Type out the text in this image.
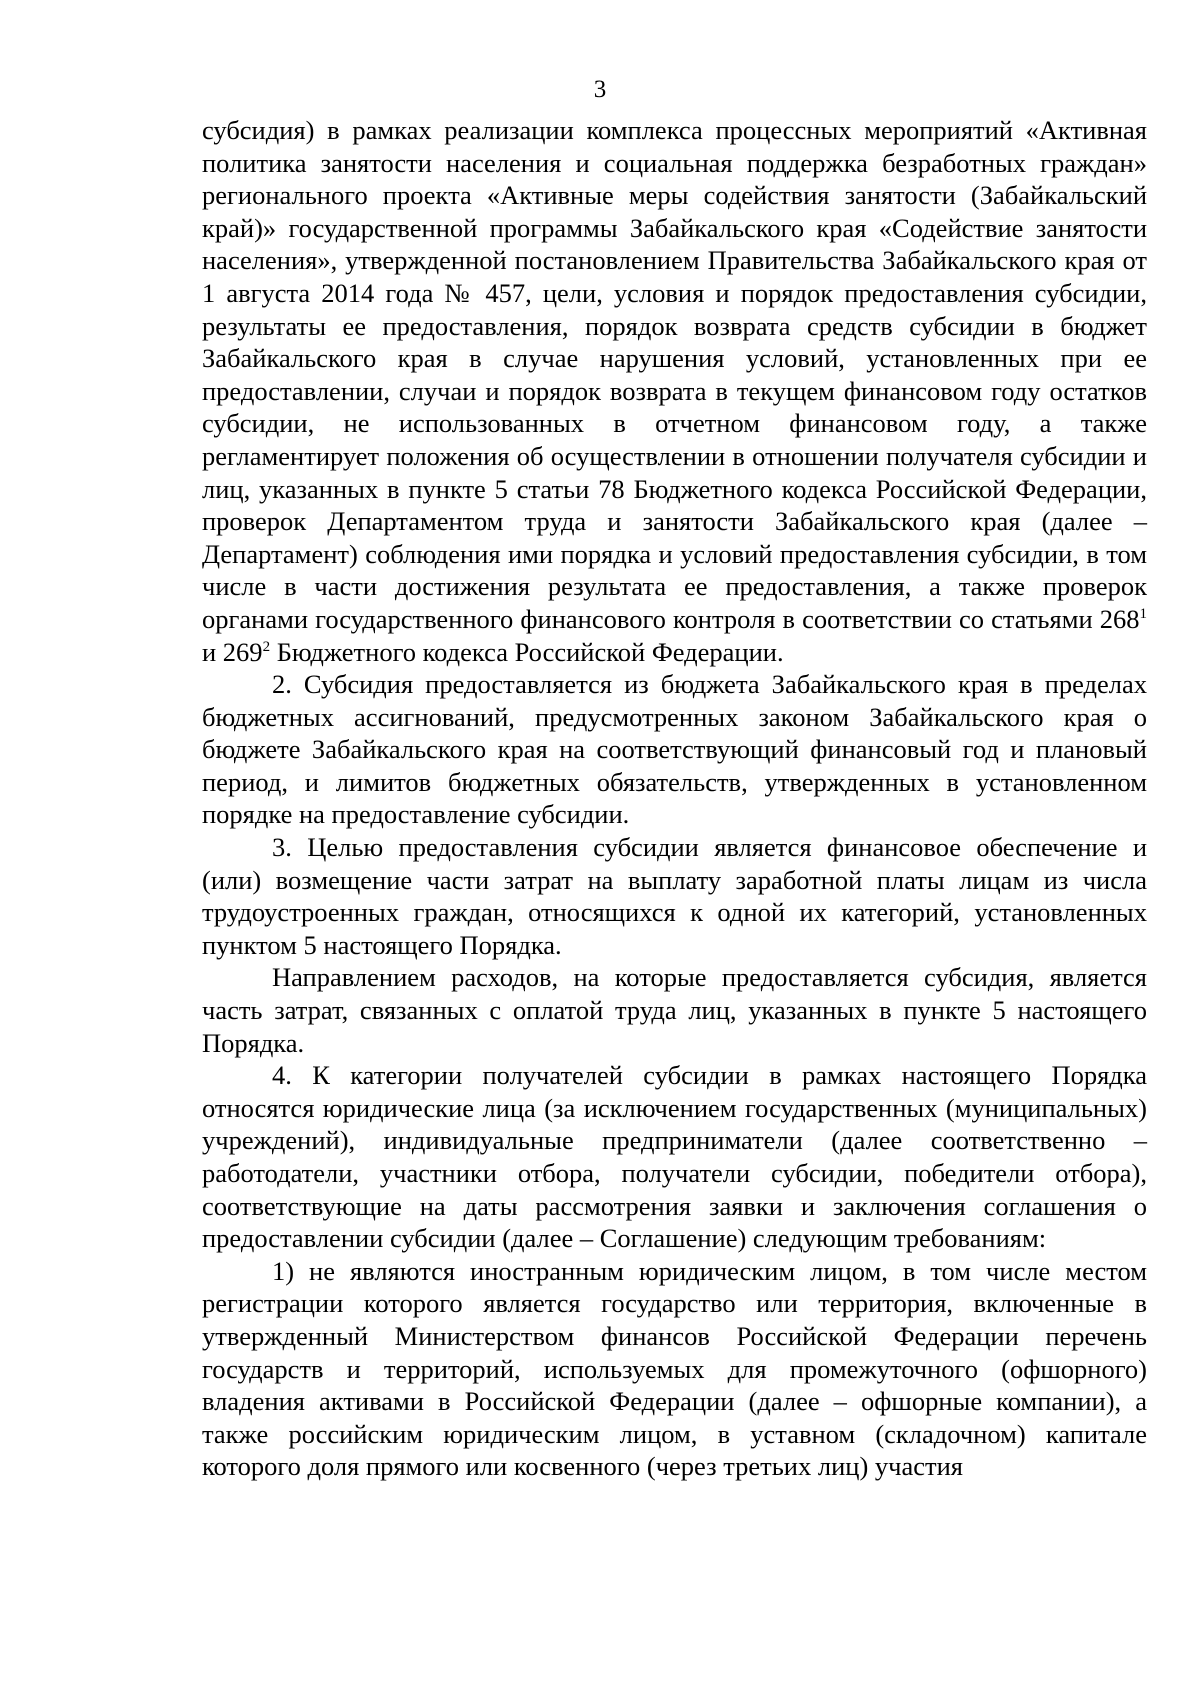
3

субсидия) в рамках реализации комплекса процессных мероприятий «Активная политика занятости населения и социальная поддержка безработных граждан» регионального проекта «Активные меры содействия занятости (Забайкальский край)» государственной программы Забайкальского края «Содействие занятости населения», утвержденной постановлением Правительства Забайкальского края от 1 августа 2014 года № 457, цели, условия и порядок предоставления субсидии, результаты ее предоставления, порядок возврата средств субсидии в бюджет Забайкальского края в случае нарушения условий, установленных при ее предоставлении, случаи и порядок возврата в текущем финансовом году остатков субсидии, не использованных в отчетном финансовом году, а также регламентирует положения об осуществлении в отношении получателя субсидии и лиц, указанных в пункте 5 статьи 78 Бюджетного кодекса Российской Федерации, проверок Департаментом труда и занятости Забайкальского края (далее – Департамент) соблюдения ими порядка и условий предоставления субсидии, в том числе в части достижения результата ее предоставления, а также проверок органами государственного финансового контроля в соответствии со статьями $268^1$ и $269^2$ Бюджетного кодекса Российской Федерации.

2. Субсидия предоставляется из бюджета Забайкальского края в пределах бюджетных ассигнований, предусмотренных законом Забайкальского края о бюджете Забайкальского края на соответствующий финансовый год и плановый период, и лимитов бюджетных обязательств, утвержденных в установленном порядке на предоставление субсидии.

3. Целью предоставления субсидии является финансовое обеспечение и (или) возмещение части затрат на выплату заработной платы лицам из числа трудоустроенных граждан, относящихся к одной их категорий, установленных пунктом 5 настоящего Порядка.

Направлением расходов, на которые предоставляется субсидия, является часть затрат, связанных с оплатой труда лиц, указанных в пункте 5 настоящего Порядка.

4. К категории получателей субсидии в рамках настоящего Порядка относятся юридические лица (за исключением государственных (муниципальных) учреждений), индивидуальные предприниматели (далее соответственно – работодатели, участники отбора, получатели субсидии, победители отбора), соответствующие на даты рассмотрения заявки и заключения соглашения о предоставлении субсидии (далее – Соглашение) следующим требованиям:

1) не являются иностранным юридическим лицом, в том числе местом регистрации которого является государство или территория, включенные в утвержденный Министерством финансов Российской Федерации перечень государств и территорий, используемых для промежуточного (офшорного) владения активами в Российской Федерации (далее – офшорные компании), а также российским юридическим лицом, в уставном (складочном) капитале которого доля прямого или косвенного (через третьих лиц) участия
